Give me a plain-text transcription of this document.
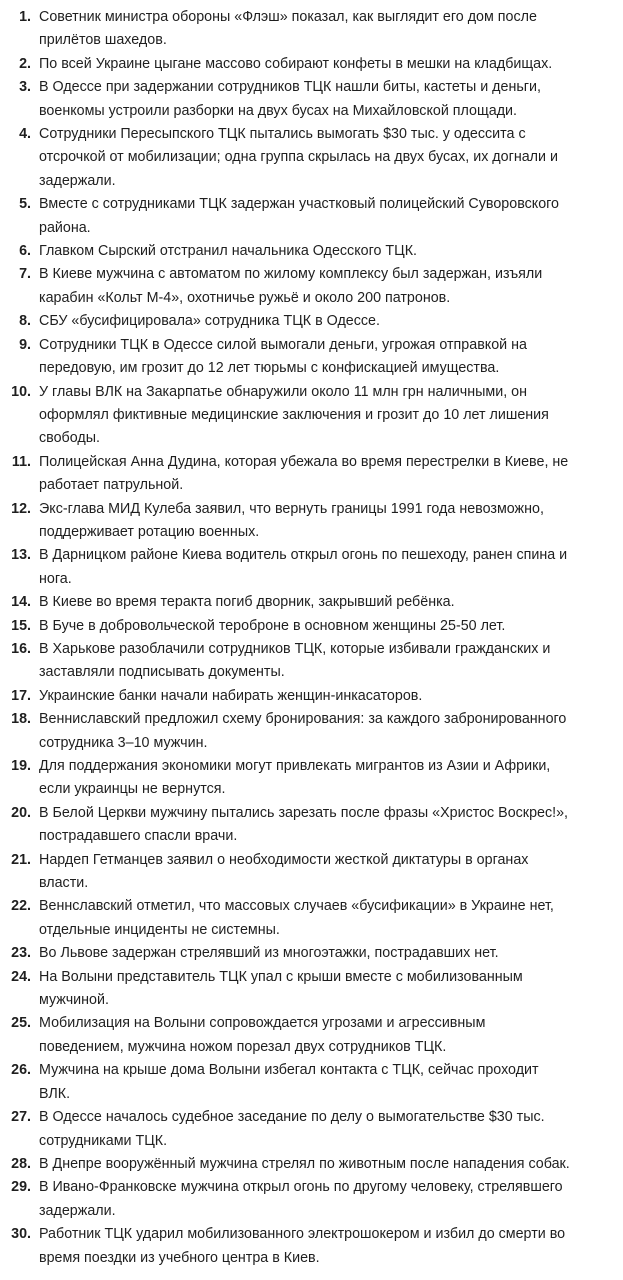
1. Советник министра обороны «Флэш» показал, как выглядит его дом после
прилётов шахедов.
2. По всей Украине цыгане массово собирают конфеты в мешки на кладбищах.
3. В Одессе при задержании сотрудников ТЦК нашли биты, кастеты и деньги,
военкомы устроили разборки на двух бусах на Михайловской площади.
4. Сотрудники Пересыпского ТЦК пытались вымогать $30 тыс. у одессита с
отсрочкой от мобилизации; одна группа скрылась на двух бусах, их догнали и
задержали.
5. Вместе с сотрудниками ТЦК задержан участковый полицейский Суворовского
района.
6. Главком Сырский отстранил начальника Одесского ТЦК.
7. В Киеве мужчина с автоматом по жилому комплексу был задержан, изъяли
карабин «Кольт М-4», охотничье ружьё и около 200 патронов.
8. СБУ «бусифицировала» сотрудника ТЦК в Одессе.
9. Сотрудники ТЦК в Одессе силой вымогали деньги, угрожая отправкой на
передовую, им грозит до 12 лет тюрьмы с конфискацией имущества.
10. У главы ВЛК на Закарпатье обнаружили около 11 млн грн наличными, он
оформлял фиктивные медицинские заключения и грозит до 10 лет лишения
свободы.
11. Полицейская Анна Дудина, которая убежала во время перестрелки в Киеве, не
работает патрульной.
12. Экс-глава МИД Кулеба заявил, что вернуть границы 1991 года невозможно,
поддерживает ротацию военных.
13. В Дарницком районе Киева водитель открыл огонь по пешеходу, ранен спина и
нога.
14. В Киеве во время теракта погиб дворник, закрывший ребёнка.
15. В Буче в добровольческой тероброне в основном женщины 25-50 лет.
16. В Харькове разоблачили сотрудников ТЦК, которые избивали гражданских и
заставляли подписывать документы.
17. Украинские банки начали набирать женщин-инкасаторов.
18. Венниславский предложил схему бронирования: за каждого забронированного
сотрудника 3–10 мужчин.
19. Для поддержания экономики могут привлекать мигрантов из Азии и Африки,
если украинцы не вернутся.
20. В Белой Церкви мужчину пытались зарезать после фразы «Христос Воскрес!»,
пострадавшего спасли врачи.
21. Нардеп Гетманцев заявил о необходимости жесткой диктатуры в органах
власти.
22. Веннславский отметил, что массовых случаев «бусификации» в Украине нет,
отдельные инциденты не системны.
23. Во Львове задержан стрелявший из многоэтажки, пострадавших нет.
24. На Волыни представитель ТЦК упал с крыши вместе с мобилизованным
мужчиной.
25. Мобилизация на Волыни сопровождается угрозами и агрессивным
поведением, мужчина ножом порезал двух сотрудников ТЦК.
26. Мужчина на крыше дома Волыни избегал контакта с ТЦК, сейчас проходит
ВЛК.
27. В Одессе началось судебное заседание по делу о вымогательстве $30 тыс.
сотрудниками ТЦК.
28. В Днепре вооружённый мужчина стрелял по животным после нападения собак.
29. В Ивано-Франковске мужчина открыл огонь по другому человеку, стрелявшего
задержали.
30. Работник ТЦК ударил мобилизованного электрошокером и избил до смерти во
время поездки из учебного центра в Киев.
